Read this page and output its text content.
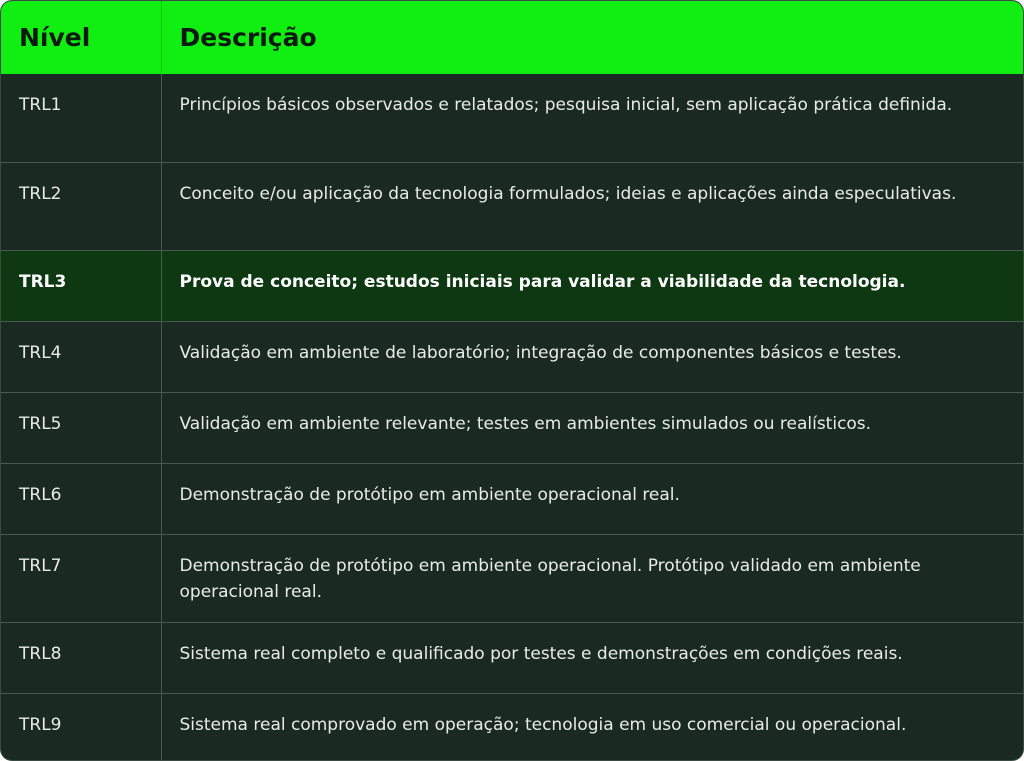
Nível	Descrição
TRL1	Princípios básicos observados e relatados; pesquisa inicial, sem aplicação prática definida.
TRL2	Conceito e/ou aplicação da tecnologia formulados; ideias e aplicações ainda especulativas.
TRL3	Prova de conceito; estudos iniciais para validar a viabilidade da tecnologia.
TRL4	Validação em ambiente de laboratório; integração de componentes básicos e testes.
TRL5	Validação em ambiente relevante; testes em ambientes simulados ou realísticos.
TRL6	Demonstração de protótipo em ambiente operacional real.
TRL7	Demonstração de protótipo em ambiente operacional. Protótipo validado em ambiente operacional real.
TRL8	Sistema real completo e qualificado por testes e demonstrações em condições reais.
TRL9	Sistema real comprovado em operação; tecnologia em uso comercial ou operacional.
